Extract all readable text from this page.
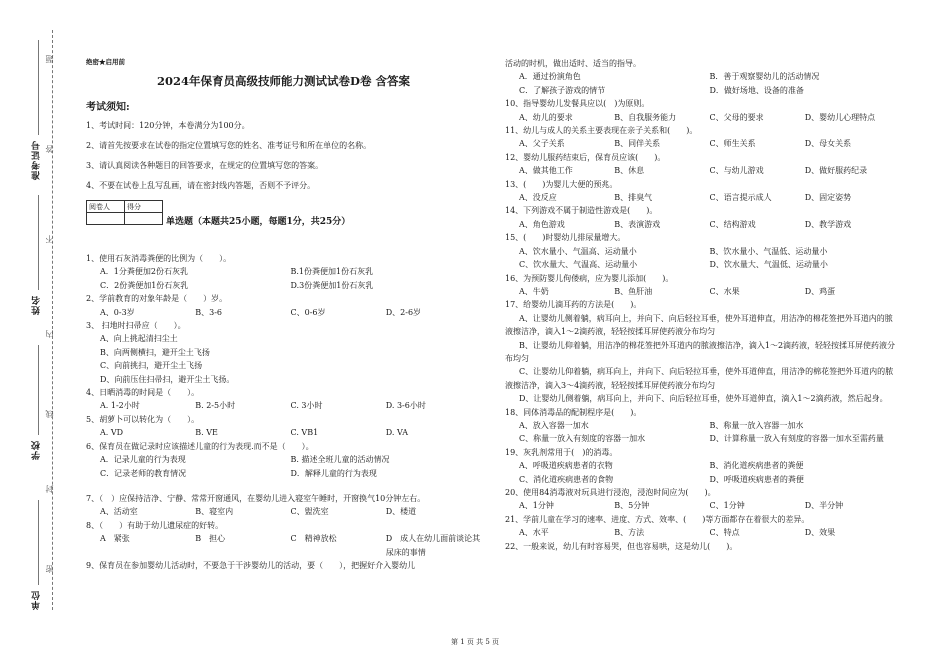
题
答
不
内
线
封
密
准考证号
姓名
学校
单位
绝密★启用前
2024年保育员高级技师能力测试试卷D卷 含答案
考试须知:
1、考试时间：120分钟，本卷满分为100分。
2、请首先按要求在试卷的指定位置填写您的姓名、准考证号和所在单位的名称。
3、请认真阅读各种题目的回答要求，在规定的位置填写您的答案。
4、不要在试卷上乱写乱画，请在密封线内答题，否则不予评分。
阅卷人	得分

单选题（本题共25小题，每题1分，共25分）
1、使用石灰消毒粪便的比例为（　　）。
A．1分粪便加2份石灰乳	B.1份粪便加1份石灰乳
C．2份粪便加1份石灰乳	D.3份粪便加1份石灰乳
2、学前教育的对象年龄是（　　）岁。
A、0-3岁	B、3-6	C、0-6岁	D、2-6岁
3、 扫地时扫帚应（　　）。
A、向上挑起清扫尘土
B、向两侧横扫，避开尘土飞扬
C、向前挑扫，避开尘土飞扬
D、向前压住扫帚扫，避开尘土飞扬。
4、日晒消毒的时间是（　　）。
A. 1-2小时	B. 2-5小时	C. 3小时	D. 3-6小时
5、胡萝卜可以转化为（　　）。
A. VD	B. VE	C. VB1	D. VA
6、保育员在做记录时应该描述儿童的行为表现.而不是（　　）。
A．记录儿童的行为表现	B. 描述全班儿童的活动情况
C．记录老师的教育情况	D．解释儿童的行为表现
7、（　）应保持洁净、宁静、常常开窗通风，在婴幼儿进入寝室午睡时，开窗换气10分钟左右。
A、活动室	B、寝室内	C、盥洗室	D、楼道
8、（　　）有助于幼儿遗尿症的好转。
A　紧张	B　担心	C　精神放松	D　成人在幼儿面前谈论其尿床的事情
9、保育员在参加婴幼儿活动时，不要急于干涉婴幼儿的活动，要（　　），把握好介入婴幼儿
活动的时机，做出适时、适当的指导。
A．通过扮演角色	B．善于观察婴幼儿的活动情况
C．了解孩子游戏的情节	D．做好场地、设备的准备
10、指导婴幼儿发餐具应以(　)为原则。
A、幼儿的要求	B、自我服务能力	C、父母的要求	D、婴幼儿心理特点
11、幼儿与成人的关系主要表现在亲子关系和(　　)。
A、父子关系	B、同伴关系	C、师生关系	D、母女关系
12、婴幼儿服药结束后，保育员应该(　　)。
A、做其他工作	B、休息	C、与幼儿游戏	D、做好服药纪录
13、(　　)为婴儿大便的预兆。
A、没反应	B、排臭气	C、语言提示成人	D、固定姿势
14、下列游戏不属于制造性游戏是(　　)。
A、角色游戏	B、表演游戏	C、结构游戏	D、教学游戏
15、(　　)时婴幼儿排尿量增大。
A、饮水量小、气温高、运动量小	B、饮水量小、气温低、运动量小
C、饮水量大、气温高、运动量小	D、饮水量大、气温低、运动量小
16、为预防婴儿佝偻病，应为婴儿添加(　　)。
A、牛奶	B、鱼肝油	C、水果	D、鸡蛋
17、给婴幼儿滴耳药的方法是(　　)。
A、让婴幼儿侧着躺，病耳向上，并向下、向后轻拉耳垂，使外耳道伸直，用洁净的棉花签把外耳道内的脓液擦洁净，滴入1～2滴药液，轻轻按揉耳屏使药液分布均匀
B、让婴幼儿仰着躺，用洁净的棉花签把外耳道内的脓液擦洁净，滴入1～2滴药液，轻轻按揉耳屏使药液分布均匀
C、让婴幼儿仰着躺，病耳向上，并向下、向后轻拉耳垂，使外耳道伸直，用洁净的棉花签把外耳道内的脓液擦洁净，滴入3～4滴药液，轻轻按揉耳屏使药液分布均匀
D、让婴幼儿侧着躺，病耳向上，并向下、向后轻拉耳垂，使外耳道伸直，滴入1～2滴药液，然后起身。
18、同体消毒品的配制程序是(　　)。
A、放入容器一加水	B、称量一放入容器一加水
C、称量一放入有刻度的容器一加水	D、计算称量一放入有刻度的容器一加水至需药量
19、灰乳剂常用于(　)的消毒。
A、呼吸道疾病患者的衣物	B、消化道疾病患者的粪便
C、消化道疾病患者的食物	D、呼吸道疾病患者的粪便
20、使用84消毒液对玩具进行浸泡，浸泡时间应为(　　)。
A、1分钟	B、5分钟	C、1分钟	D、半分钟
21、学前儿童在学习的速率、进度、方式、效率、(　　)等方面都存在着很大的差异。
A、水平	B、方法	C、特点	D、效果
22、一般来说，幼儿有时容易哭，但也容易哄，这是幼儿(　　)。
第 1 页 共 5 页
